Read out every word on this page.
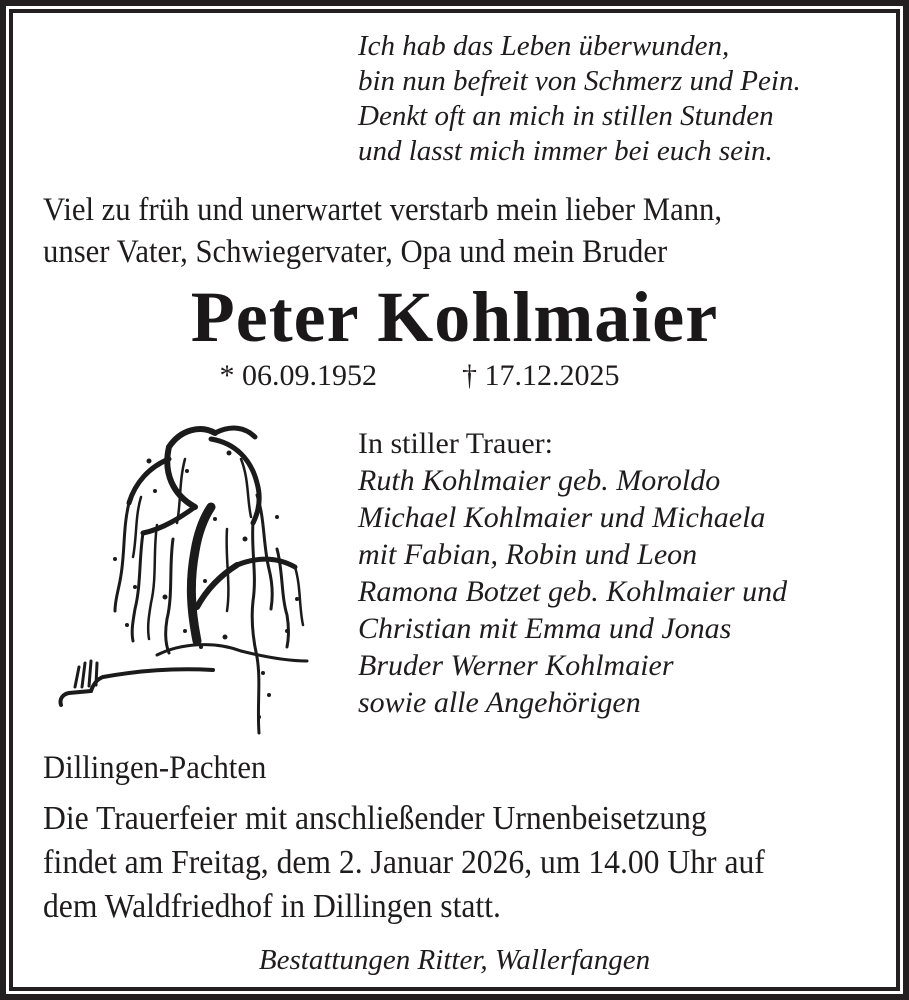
Ich hab das Leben überwunden,
bin nun befreit von Schmerz und Pein.
Denkt oft an mich in stillen Stunden
und lasst mich immer bei euch sein.
Viel zu früh und unerwartet verstarb mein lieber Mann,
unser Vater, Schwiegervater, Opa und mein Bruder
Peter Kohlmaier
* 06.09.1952	† 17.12.2025
In stiller Trauer:
Ruth Kohlmaier geb. Moroldo
Michael Kohlmaier und Michaela
mit Fabian, Robin und Leon
Ramona Botzet geb. Kohlmaier und
Christian mit Emma und Jonas
Bruder Werner Kohlmaier
sowie alle Angehörigen
Dillingen-Pachten
Die Trauerfeier mit anschließender Urnenbeisetzung
findet am Freitag, dem 2. Januar 2026, um 14.00 Uhr auf
dem Waldfriedhof in Dillingen statt.
Bestattungen Ritter, Wallerfangen
